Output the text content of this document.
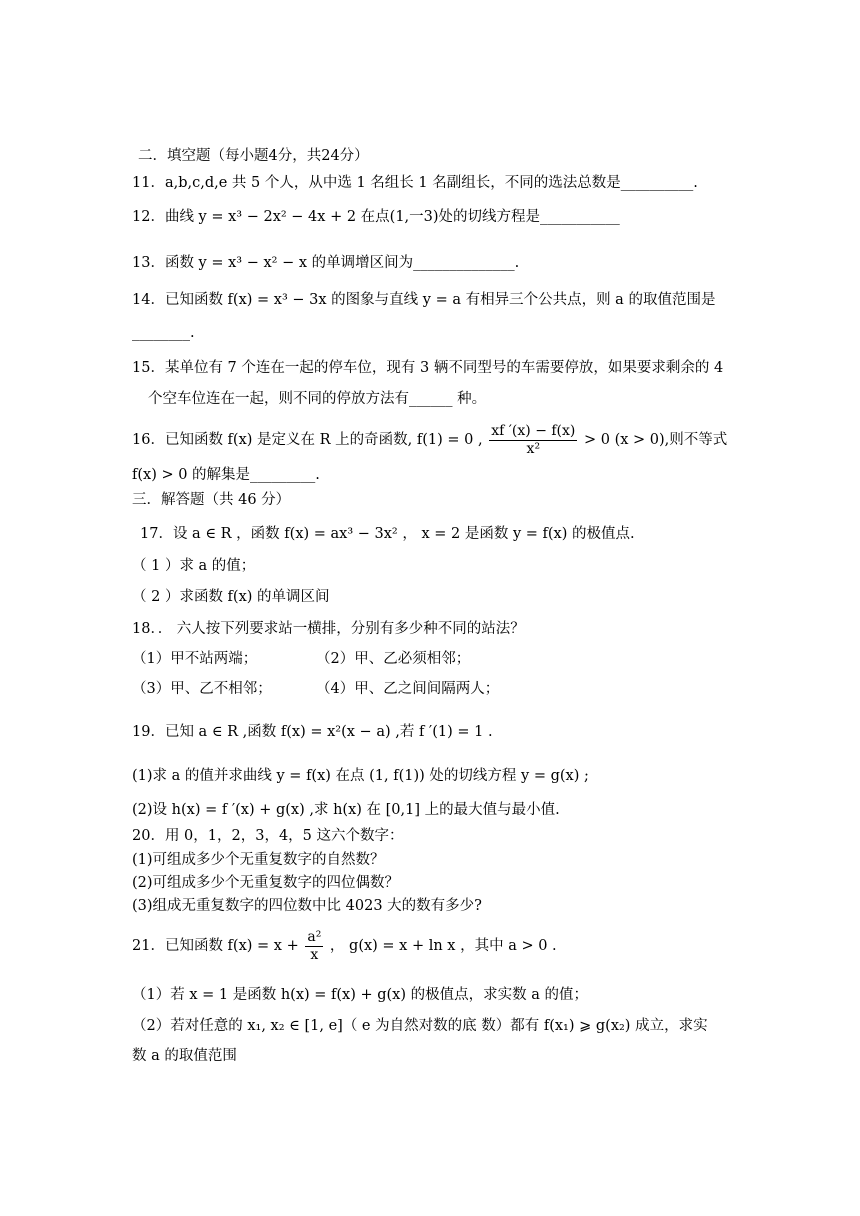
二．填空题（每小题4分，共24分）
11．a,b,c,d,e 共 5 个人，从中选 1 名组长 1 名副组长，不同的选法总数是__________.
12．曲线 y = x³ − 2x² − 4x + 2 在点(1,一3)处的切线方程是___________
13．函数 y = x³ − x² − x 的单调增区间为______________.
14．已知函数 f(x) = x³ − 3x 的图象与直线 y = a 有相异三个公共点，则 a 的取值范围是
________.
15．某单位有 7 个连在一起的停车位，现有 3 辆不同型号的车需要停放，如果要求剩余的 4
个空车位连在一起，则不同的停放方法有______ 种。
16．已知函数 f(x) 是定义在 R 上的奇函数, f(1) = 0 , $\frac{xf '(x) - f(x)}{\text{x²}} > 0$ (x > 0),则不等式
f(x) > 0 的解集是_________.
三．解答题（共 46 分）
17．设 a ∈ R ，函数 f(x) = ax³ − 3x² ， x = 2 是函数 y = f(x) 的极值点.
（ 1 ）求 a 的值；
（ 2 ）求函数 f(x) 的单调区间
18．． 六人按下列要求站一横排，分别有多少种不同的站法？
（1）甲不站两端；	（2）甲、乙必须相邻；
（3）甲、乙不相邻；	（4）甲、乙之间间隔两人；
19．已知 a ∈ R ,函数 f(x) = x²(x − a) ,若 f ′(1) = 1 .
(1)求 a 的值并求曲线 y = f(x) 在点 (1, f(1)) 处的切线方程 y = g(x) ;
(2)设 h(x) = f ′(x) + g(x) ,求 h(x) 在 [0,1] 上的最大值与最小值.
20．用 0，1，2，3，4，5 这六个数字：
(1)可组成多少个无重复数字的自然数？
(2)可组成多少个无重复数字的四位偶数？
(3)组成无重复数字的四位数中比 4023 大的数有多少?
21．已知函数 $f(x) = x + \frac{\text{a²}}{x}$ ， g(x) = x + ln x ，其中 a > 0 .
（1）若 x = 1 是函数 h(x) = f(x) + g(x) 的极值点，求实数 a 的值；
（2）若对任意的 x₁, x₂ ∈ [1, e]（ e 为自然对数的底 数）都有 f(x₁) ⩾ g(x₂) 成立，求实
数 a 的取值范围
